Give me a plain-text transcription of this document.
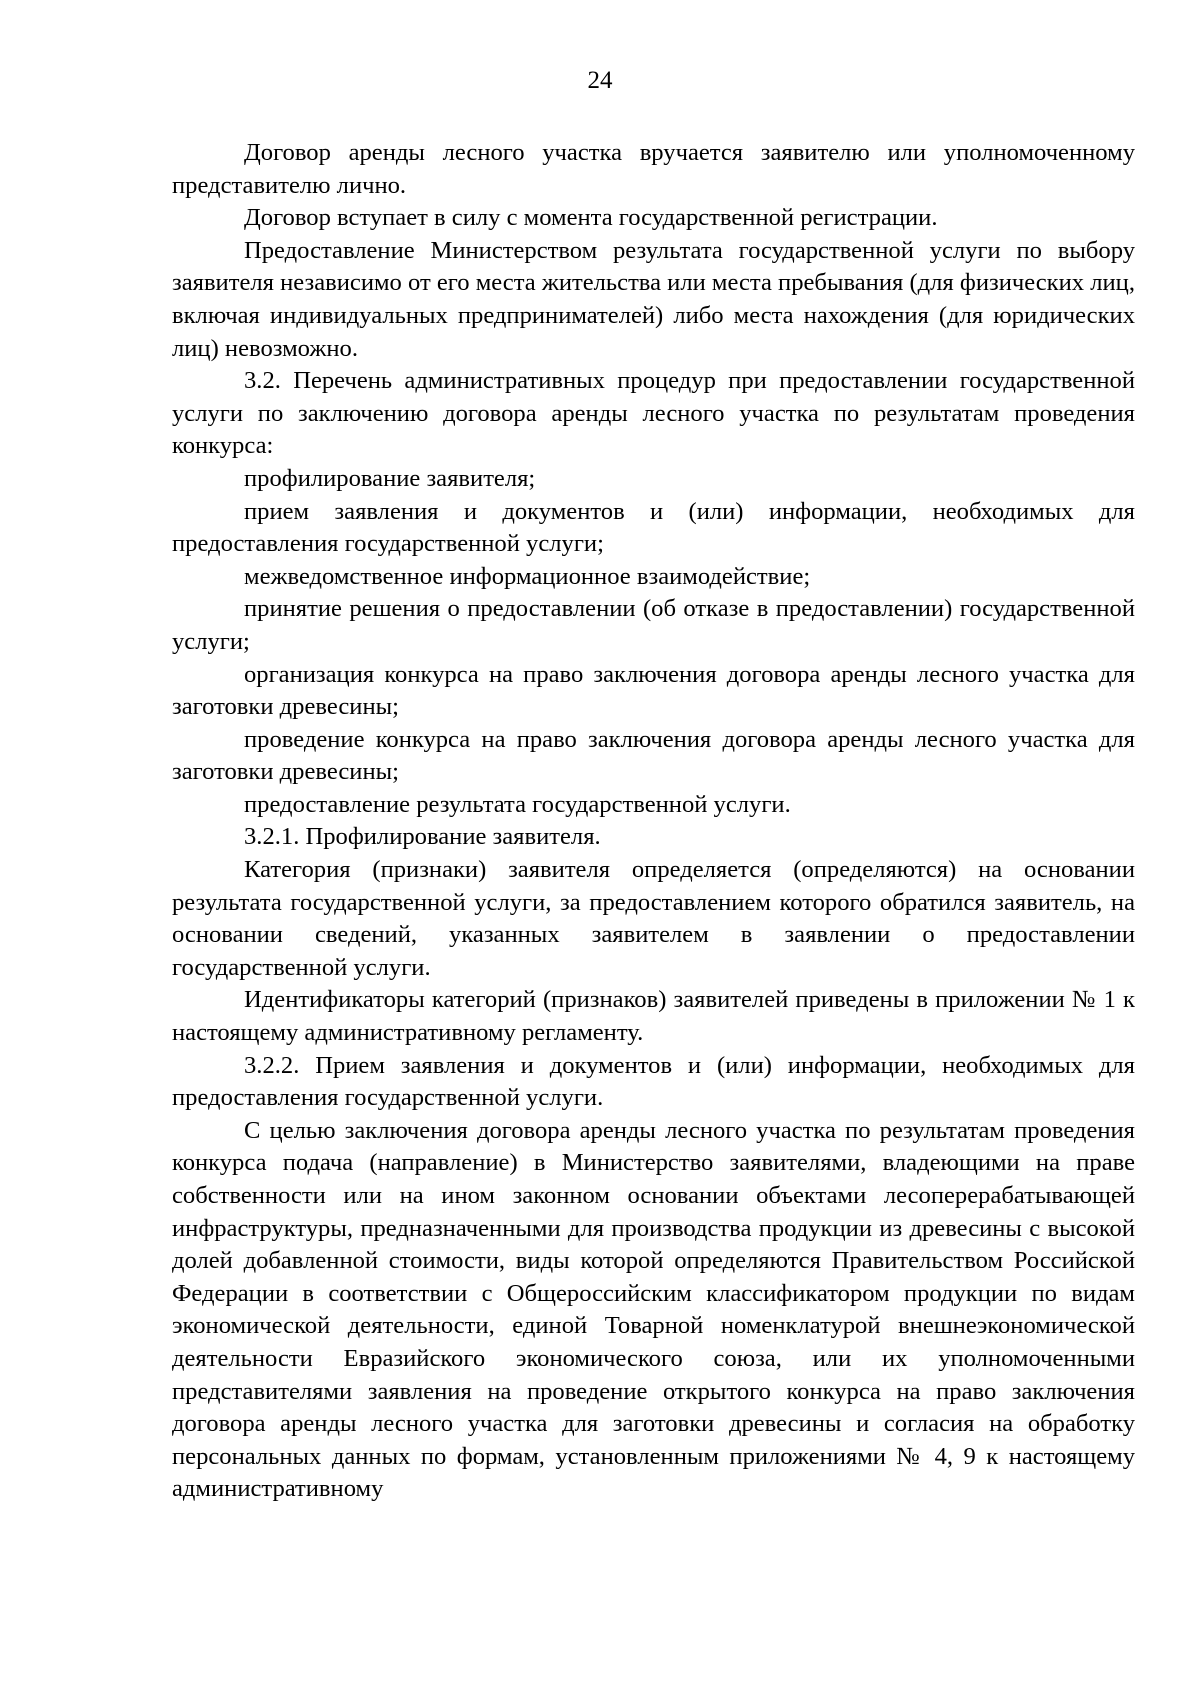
24

Договор аренды лесного участка вручается заявителю или уполномоченному представителю лично.

Договор вступает в силу с момента государственной регистрации.

Предоставление Министерством результата государственной услуги по выбору заявителя независимо от его места жительства или места пребывания (для физических лиц, включая индивидуальных предпринимателей) либо места нахождения (для юридических лиц) невозможно.

3.2. Перечень административных процедур при предоставлении государственной услуги по заключению договора аренды лесного участка по результатам проведения конкурса:

профилирование заявителя;

прием заявления и документов и (или) информации, необходимых для предоставления государственной услуги;

межведомственное информационное взаимодействие;

принятие решения о предоставлении (об отказе в предоставлении) государственной услуги;

организация конкурса на право заключения договора аренды лесного участка для заготовки древесины;

проведение конкурса на право заключения договора аренды лесного участка для заготовки древесины;

предоставление результата государственной услуги.

3.2.1. Профилирование заявителя.

Категория (признаки) заявителя определяется (определяются) на основании результата государственной услуги, за предоставлением которого обратился заявитель, на основании сведений, указанных заявителем в заявлении о предоставлении государственной услуги.

Идентификаторы категорий (признаков) заявителей приведены в приложении № 1 к настоящему административному регламенту.

3.2.2. Прием заявления и документов и (или) информации, необходимых для предоставления государственной услуги.

С целью заключения договора аренды лесного участка по результатам проведения конкурса подача (направление) в Министерство заявителями, владеющими на праве собственности или на ином законном основании объектами лесоперерабатывающей инфраструктуры, предназначенными для производства продукции из древесины с высокой долей добавленной стоимости, виды которой определяются Правительством Российской Федерации в соответствии с Общероссийским классификатором продукции по видам экономической деятельности, единой Товарной номенклатурой внешнеэкономической деятельности Евразийского экономического союза, или их уполномоченными представителями заявления на проведение открытого конкурса на право заключения договора аренды лесного участка для заготовки древесины и согласия на обработку персональных данных по формам, установленным приложениями № 4, 9 к настоящему административному
